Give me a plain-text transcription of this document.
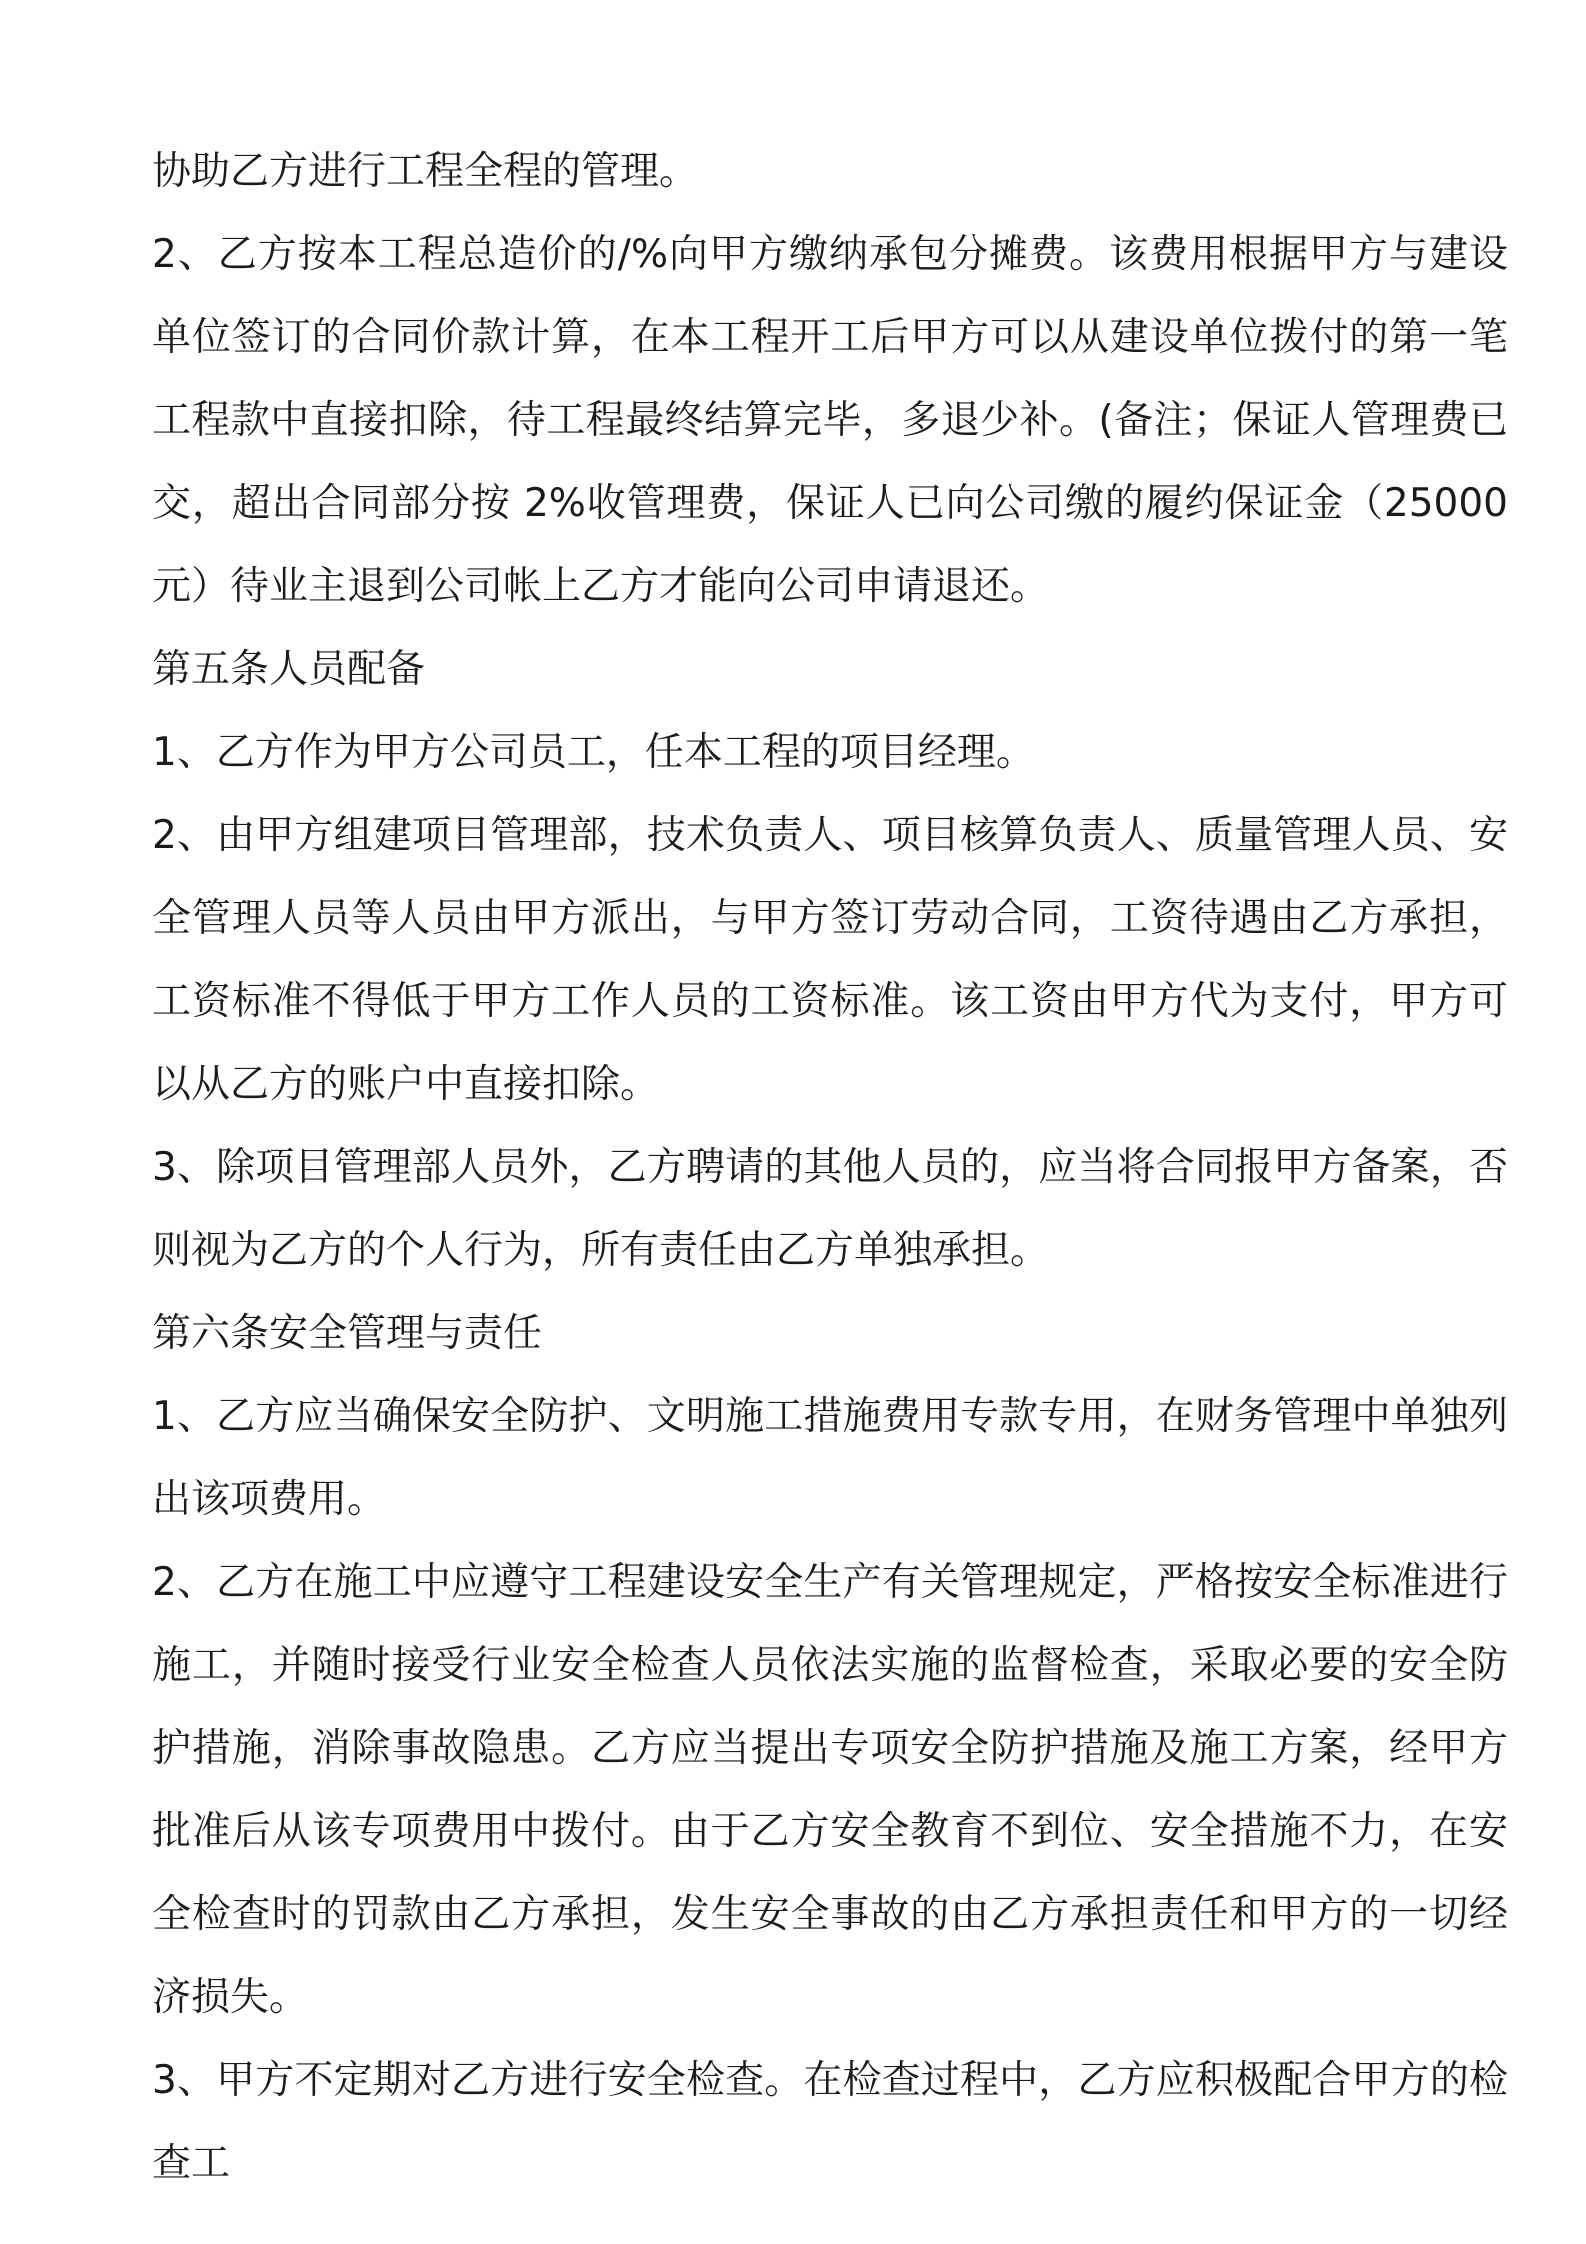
协助乙方进行工程全程的管理。

2、乙方按本工程总造价的/%向甲方缴纳承包分摊费。该费用根据甲方与建设单位签订的合同价款计算，在本工程开工后甲方可以从建设单位拨付的第一笔工程款中直接扣除，待工程最终结算完毕，多退少补。(备注；保证人管理费已交，超出合同部分按 2%收管理费，保证人已向公司缴的履约保证金（25000 元）待业主退到公司帐上乙方才能向公司申请退还。

第五条人员配备

1、乙方作为甲方公司员工，任本工程的项目经理。

2、由甲方组建项目管理部，技术负责人、项目核算负责人、质量管理人员、安全管理人员等人员由甲方派出，与甲方签订劳动合同，工资待遇由乙方承担，工资标准不得低于甲方工作人员的工资标准。该工资由甲方代为支付，甲方可以从乙方的账户中直接扣除。

3、除项目管理部人员外，乙方聘请的其他人员的，应当将合同报甲方备案，否则视为乙方的个人行为，所有责任由乙方单独承担。

第六条安全管理与责任

1、乙方应当确保安全防护、文明施工措施费用专款专用，在财务管理中单独列出该项费用。

2、乙方在施工中应遵守工程建设安全生产有关管理规定，严格按安全标准进行施工，并随时接受行业安全检查人员依法实施的监督检查，采取必要的安全防护措施，消除事故隐患。乙方应当提出专项安全防护措施及施工方案，经甲方批准后从该专项费用中拨付。由于乙方安全教育不到位、安全措施不力，在安全检查时的罚款由乙方承担，发生安全事故的由乙方承担责任和甲方的一切经济损失。

3、甲方不定期对乙方进行安全检查。在检查过程中，乙方应积极配合甲方的检查工
